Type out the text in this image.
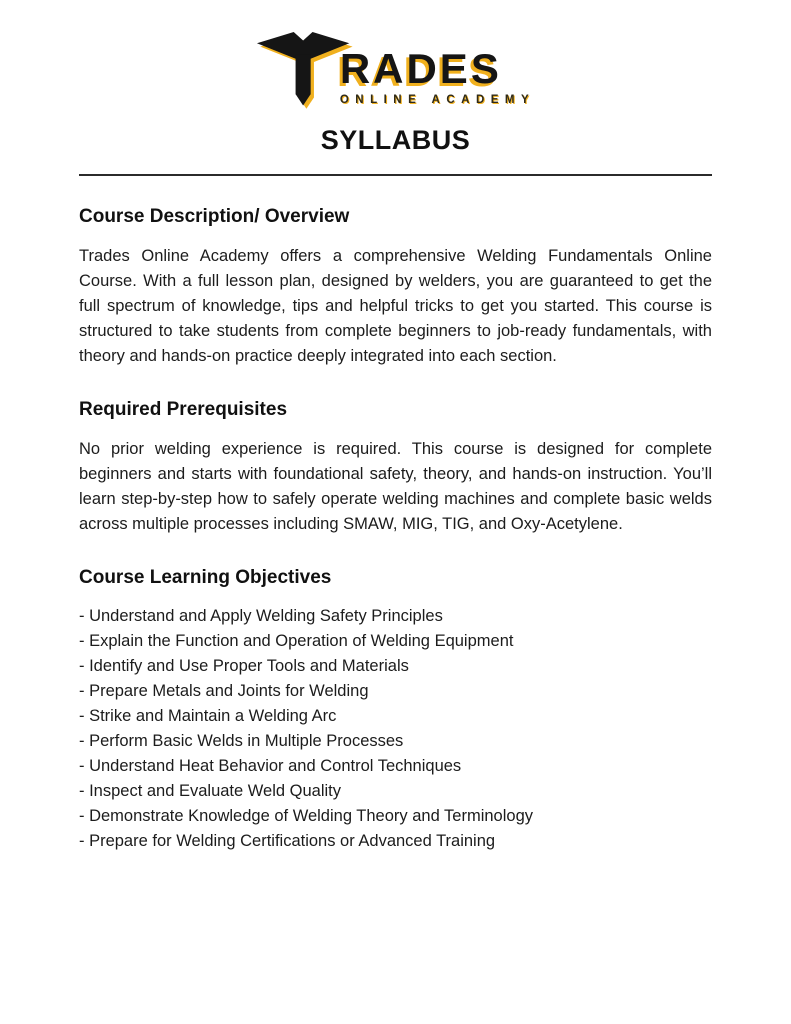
RADES
ONLINE ACADEMY
SYLLABUS
Course Description/ Overview

Trades Online Academy offers a comprehensive Welding Fundamentals Online Course. With a full lesson plan, designed by welders, you are guaranteed to get the full spectrum of knowledge, tips and helpful tricks to get you started. This course is structured to take students from complete beginners to job-ready fundamentals, with theory and hands-on practice deeply integrated into each section.

Required Prerequisites

No prior welding experience is required. This course is designed for complete beginners and starts with foundational safety, theory, and hands-on instruction. You’ll learn step-by-step how to safely operate welding machines and complete basic welds across multiple processes including SMAW, MIG, TIG, and Oxy-Acetylene.

Course Learning Objectives
- Understand and Apply Welding Safety Principles
- Explain the Function and Operation of Welding Equipment
- Identify and Use Proper Tools and Materials
- Prepare Metals and Joints for Welding
- Strike and Maintain a Welding Arc
- Perform Basic Welds in Multiple Processes
- Understand Heat Behavior and Control Techniques
- Inspect and Evaluate Weld Quality
- Demonstrate Knowledge of Welding Theory and Terminology
- Prepare for Welding Certifications or Advanced Training
